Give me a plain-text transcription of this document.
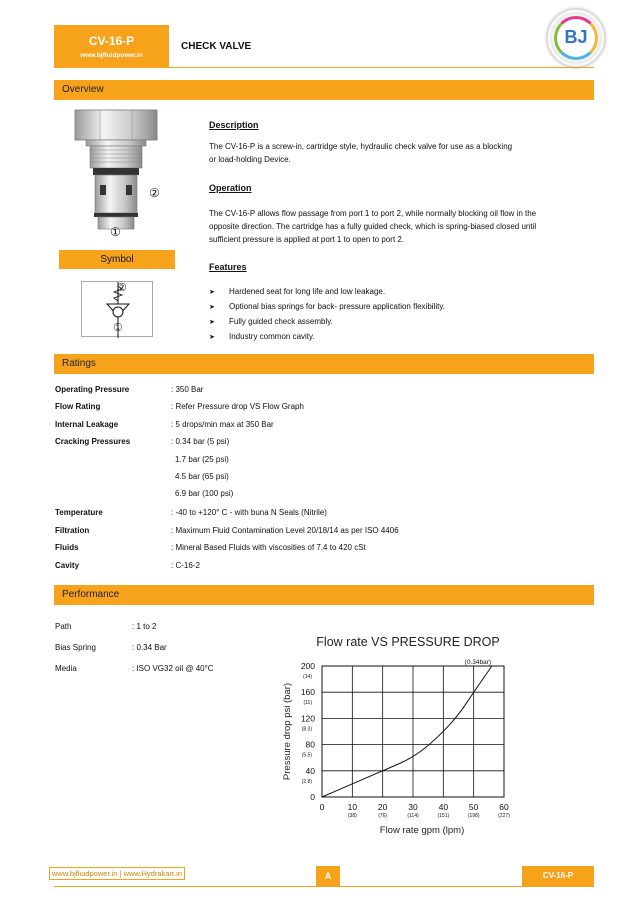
CV-16-P
www.bjfluidpower.in
CHECK VALVE	BJ
Overview
②
①
Symbol
②
①
Description
The CV-16-P is a screw-in, cartridge style, hydraulic check valve for use as a blocking
or load-holding Device.
Operation
The CV-16-P allows flow passage from port 1 to port 2, while normally blocking oil flow in the
opposite direction. The cartridge has a fully guided check, which is spring-biased closed until
sufficient pressure is applied at port 1 to open to port 2.
Features
➤ Hardened seat for long life and low leakage.
➤ Optional bias springs for back- pressure application flexibility.
➤ Fully guided check assembly.
➤ Industry common cavity.
Ratings
Operating Pressure	: 350 Bar
Flow Rating	: Refer Pressure drop VS Flow Graph
Internal Leakage	: 5 drops/min max at 350 Bar
Cracking Pressures	: 0.34 bar (5 psi)
1.7 bar (25 psi)
4.5 bar (65 psi)
6.9 bar (100 psi)
Temperature	: -40 to +120° C - with buna N Seals (Nitrile)
Filtration	: Maximum Fluid Contamination Level 20/18/14 as per ISO 4406
Fluids	: Mineral Based Fluids with viscosities of 7.4 to 420 cSt
Cavity	: C-16-2
Performance
Path	: 1 to 2
Bias Spring	: 0.34 Bar
Media	: ISO VG32 oil @ 40°C
Flow rate VS PRESSURE DROP
Pressure drop psi (bar)
Flow rate gpm (lpm)
0	10
(38)
20
(76)
30
(114)
40
(151)
50
(198)
60
(227)
0
40
(2.8)
80
(5.5)
120
(8.3)
160
(11)
200
(14)
(0.34bar)
www.bjfluidpower.in | www.Hydrakart.in	A	CV-16-P
